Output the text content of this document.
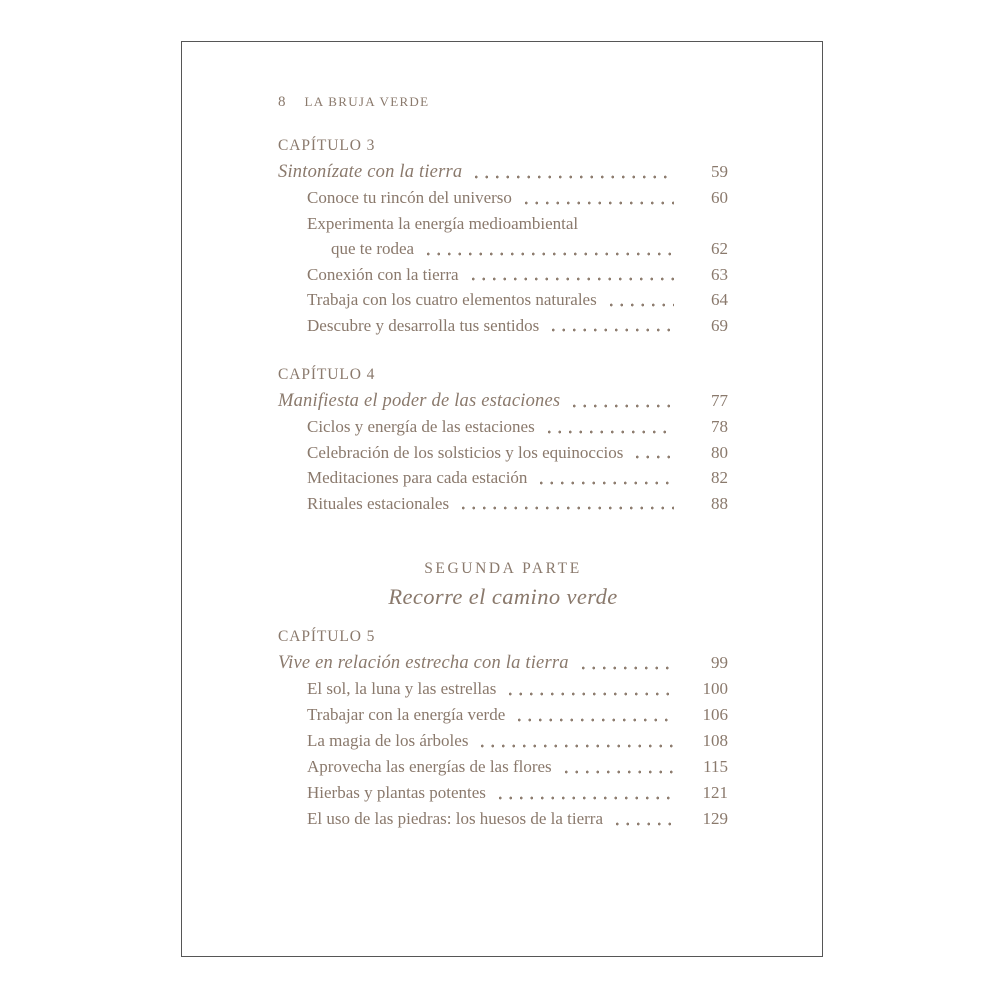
8 LA BRUJA VERDE
CAPÍTULO 3
Sintonízate con la tierra	59
Conoce tu rincón del universo	60
Experimenta la energía medioambiental
que te rodea	62
Conexión con la tierra	63
Trabaja con los cuatro elementos naturales	64
Descubre y desarrolla tus sentidos	69
CAPÍTULO 4
Manifiesta el poder de las estaciones	77
Ciclos y energía de las estaciones	78
Celebración de los solsticios y los equinoccios	80
Meditaciones para cada estación	82
Rituales estacionales	88
SEGUNDA PARTE
Recorre el camino verde
CAPÍTULO 5
Vive en relación estrecha con la tierra	99
El sol, la luna y las estrellas	100
Trabajar con la energía verde	106
La magia de los árboles	108
Aprovecha las energías de las flores	115
Hierbas y plantas potentes	121
El uso de las piedras: los huesos de la tierra	129
